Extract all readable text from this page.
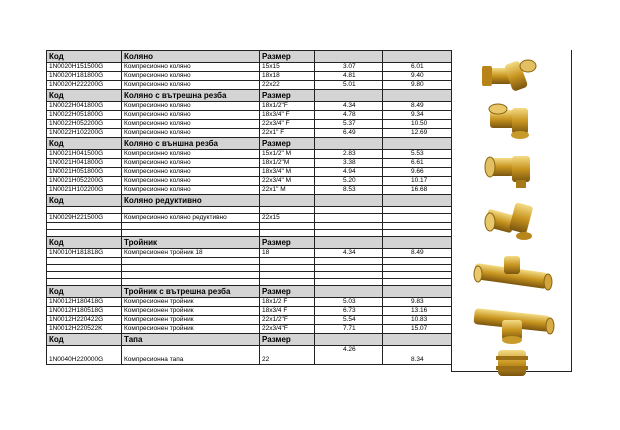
Код	Коляно	Размер		
1N0020H151500G	Компресионно коляно	15x15	3.07	6.01
1N0020H181800G	Компресионно коляно	18x18	4.81	9.40
1N0020H222200G	Компресионно коляно	22x22	5.01	9.80
Код	Коляно с вътрешна резба	Размер		
1N0022H041800G	Компресионно коляно	18x1/2"F	4.34	8.49
1N0022H051800G	Компресионно коляно	18x3/4" F	4.78	9.34
1N0022H052200G	Компресионно коляно	22x3/4" F	5.37	10.50
1N0022H102200G	Компресионно коляно	22x1" F	6.49	12.69
Код	Коляно с външна резба	Размер		
1N0021H041500G	Компресионно коляно	15x1/2" M	2.83	5.53
1N0021H041800G	Компресионно коляно	18x1/2"M	3.38	6.61
1N0021H051800G	Компресионно коляно	18x3/4" M	4.94	9.66
1N0021H052200G	Компресионно коляно	22x3/4" M	5.20	10.17
1N0021H102200G	Компресионно коляно	22x1" M	8.53	16.68
Код	Коляно редуктивно			

1N0029H221500G	Компресионно коляно редуктивно	22x15		

Код	Тройник	Размер		
1N0010H181818G	Компресионен тройник 18	18	4.34	8.49

Код	Тройник с вътрешна резба	Размер		
1N0012H180418G	Компресионен тройник	18x1/2 F	5.03	9.83
1N0012H180518G	Компресионен тройник	18x3/4 F	6.73	13.16
1N0012H220422G	Компресионен тройник	22x1/2"F	5.54	10.83
1N0012H220522K	Компресионен тройник	22x3/4"F	7.71	15.07
Код	Тапа	Размер		
1N0040H220000G	Компресионна тапа	22	4.26	8.34
